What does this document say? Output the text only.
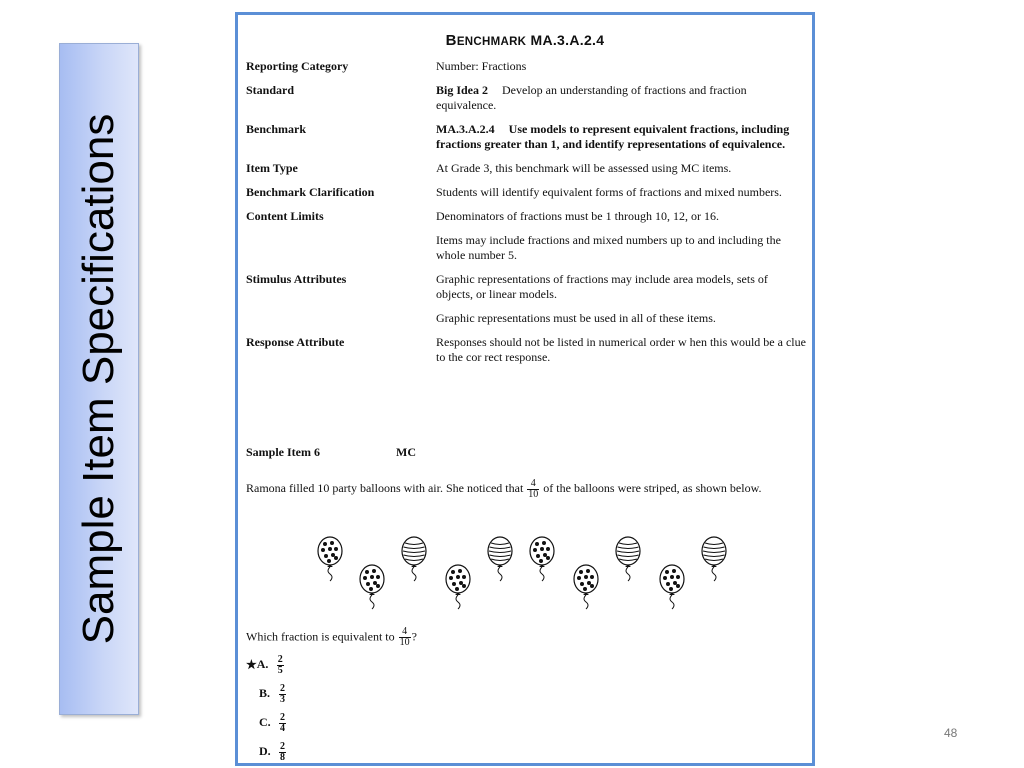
Sample Item Specifications
48
BENCHMARK MA.3.A.2.4
Reporting Category	Number: Fractions
Standard	Big Idea 2 Develop an understanding of fractions and fraction equivalence.
Benchmark	MA.3.A.2.4 Use models to represent equivalent fractions, including fractions greater than 1, and identify representations of equivalence.
Item Type	At Grade 3, this benchmark will be assessed using MC items.
Benchmark Clarification	Students will identify equivalent forms of fractions and mixed numbers.
Content Limits	Denominators of fractions must be 1 through 10, 12, or 16.
	Items may include fractions and mixed numbers up to and including the whole number 5.
Stimulus Attributes	Graphic representations of fractions may include area models, sets of objects, or linear models.
	Graphic representations must be used in all of these items.
Response Attribute	Responses should not be listed in numerical order w hen this would be a clue to the cor rect response.
Sample Item 6	MC
Ramona filled 10 party balloons with air. She noticed that $\frac{4}{10}$ of the balloons were striped, as shown below.
Which fraction is equivalent to $\frac{4}{10}$ ?
★A. $\frac{2}{5}$
B. $\frac{2}{3}$
C. $\frac{2}{4}$
D. $\frac{2}{8}$
